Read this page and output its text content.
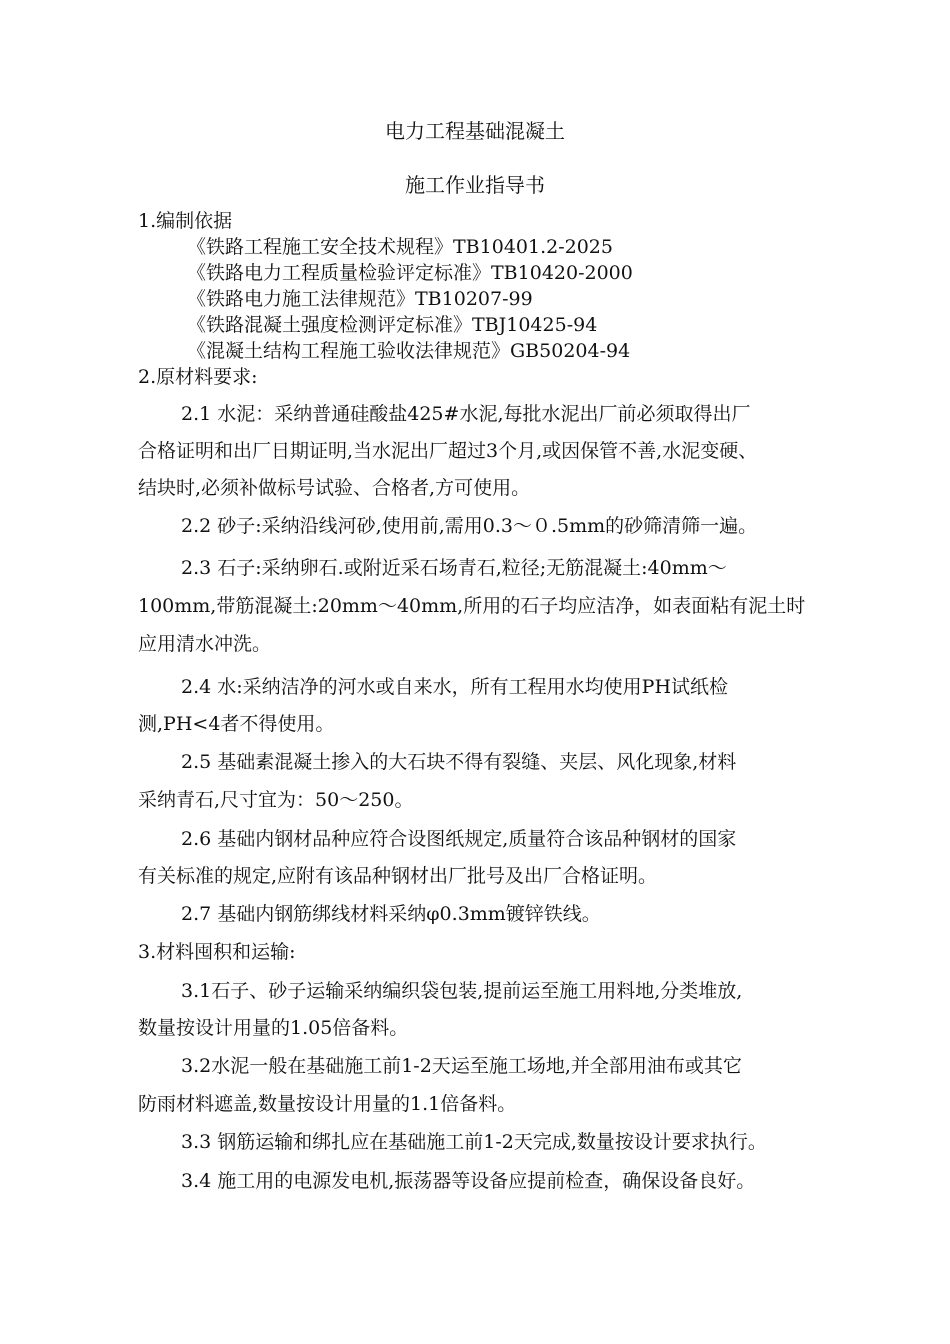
电力工程基础混凝土
施工作业指导书
1.编制依据
《铁路工程施工安全技术规程》TB10401.2-2025
《铁路电力工程质量检验评定标准》TB10420-2000
《铁路电力施工法律规范》TB10207-99
《铁路混凝土强度检测评定标准》TBJ10425-94
《混凝土结构工程施工验收法律规范》GB50204-94
2.原材料要求:
2.1 水泥：采纳普通硅酸盐425#水泥,每批水泥出厂前必须取得出厂
合格证明和出厂日期证明,当水泥出厂超过3个月,或因保管不善,水泥变硬、
结块时,必须补做标号试验、合格者,方可使用。
2.2 砂子:采纳沿线河砂,使用前,需用0.3～０.5mm的砂筛清筛一遍。
2.3 石子:采纳卵石.或附近采石场青石,粒径;无筋混凝土:40mm～
100mm,带筋混凝土:20mm～40mm,所用的石子均应洁净，如表面粘有泥土时
应用清水冲洗。
2.4 水:采纳洁净的河水或自来水，所有工程用水均使用PH试纸检
测,PH<4者不得使用。
2.5 基础素混凝土掺入的大石块不得有裂缝、夹层、风化现象,材料
采纳青石,尺寸宜为：50～250。
2.6 基础内钢材品种应符合设图纸规定,质量符合该品种钢材的国家
有关标准的规定,应附有该品种钢材出厂批号及出厂合格证明。
2.7 基础内钢筋绑线材料采纳φ0.3mm镀锌铁线。
3.材料囤积和运输:
3.1石子、砂子运输采纳编织袋包装,提前运至施工用料地,分类堆放,
数量按设计用量的1.05倍备料。
3.2水泥一般在基础施工前1-2天运至施工场地,并全部用油布或其它
防雨材料遮盖,数量按设计用量的1.1倍备料。
3.3 钢筋运输和绑扎应在基础施工前1-2天完成,数量按设计要求执行。
3.4 施工用的电源发电机,振荡器等设备应提前检查，确保设备良好。
